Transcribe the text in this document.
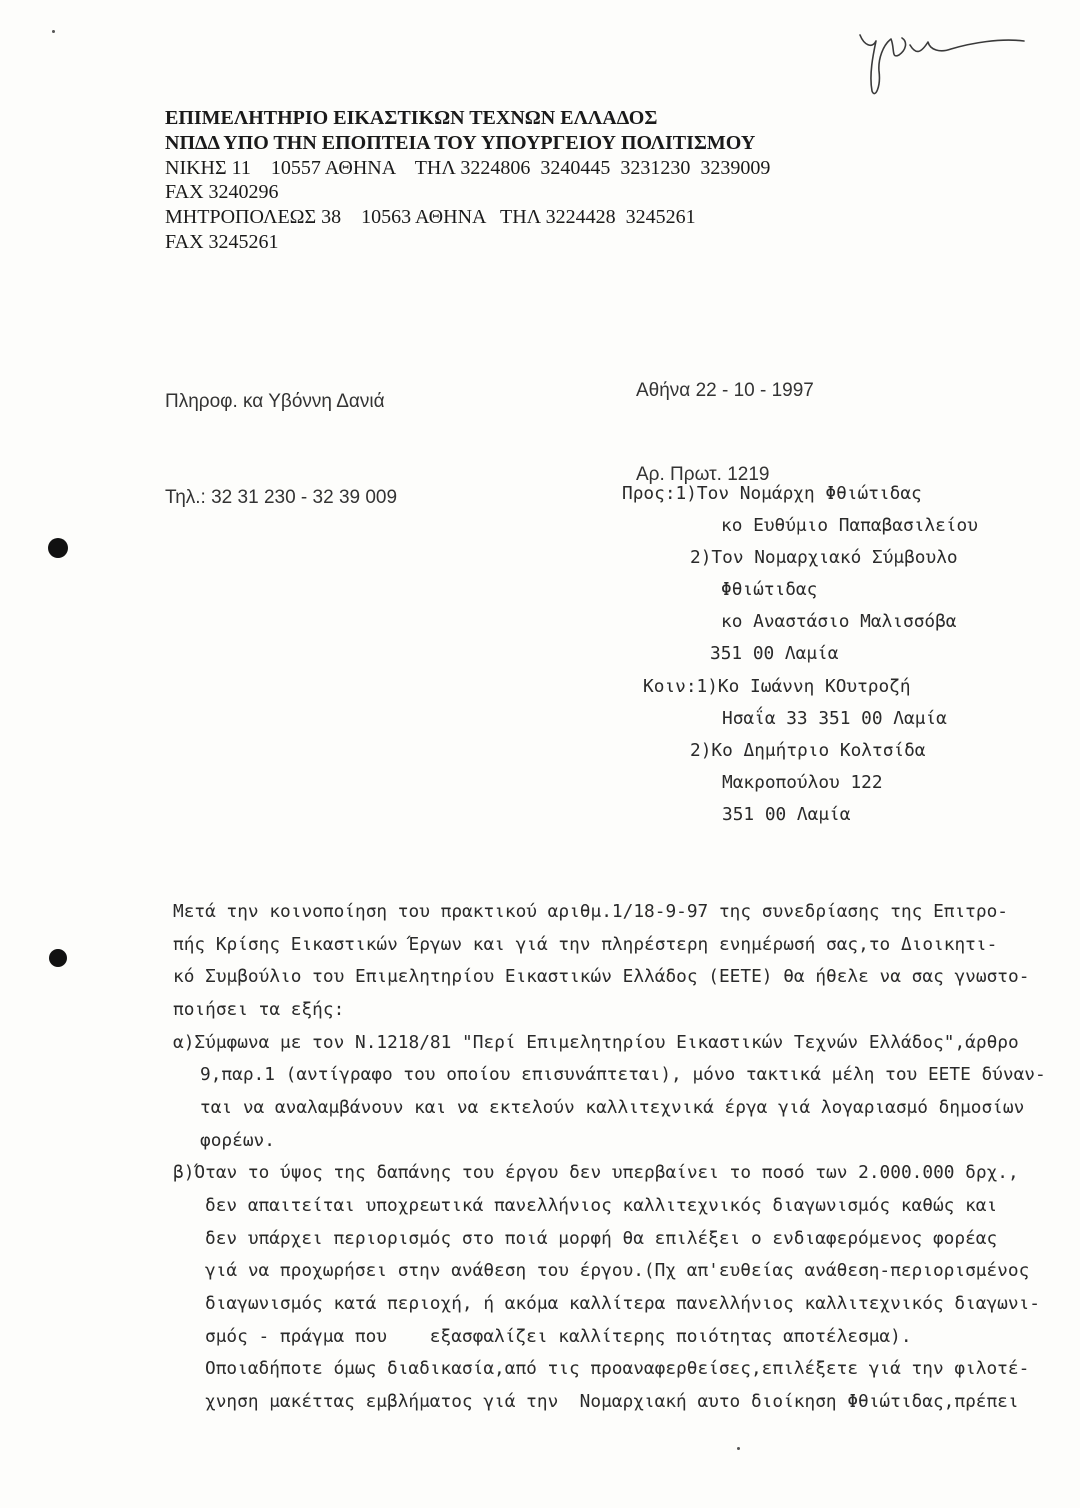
ΕΠΙΜΕΛΗΤΗΡΙΟ ΕΙΚΑΣΤΙΚΩΝ ΤΕΧΝΩΝ ΕΛΛΑΔΟΣ
ΝΠΔΔ ΥΠΟ ΤΗΝ ΕΠΟΠΤΕΙΑ ΤΟΥ ΥΠΟΥΡΓΕΙΟΥ ΠΟΛΙΤΙΣΜΟΥ
ΝΙΚΗΣ 11    10557 ΑΘΗΝΑ    ΤΗΛ 3224806  3240445  3231230  3239009
FAX 3240296
ΜΗΤΡΟΠΟΛΕΩΣ 38    10563 ΑΘΗΝΑ   ΤΗΛ 3224428  3245261
FAX 3245261

Πληροφ. κα Υβόννη Δανιά

Τηλ.: 32 31 230 - 32 39 009

Αθήνα 22 - 10 - 1997

Αρ. Πρωτ. 1219

Προς:1)Τον Νομάρχη Φθιώτιδας
κο Ευθύμιο Παπαβασιλείου
2)Τον Νομαρχιακό Σύμβουλο
Φθιώτιδας
κο Αναστάσιο Μαλισσόβα
351 00 Λαμία
Κοιν:1)Κο Ιωάννη ΚΟυτροζή
Ησαΐα 33 351 00 Λαμία
2)Κο Δημήτριο Κολτσίδα
Μακροπούλου 122
351 00 Λαμία
Μετά την κοινοποίηση του πρακτικού αριθμ.1/18-9-97 της συνεδρίασης της Επιτρο-
πής Κρίσης Εικαστικών Έργων και γιά την πληρέστερη ενημέρωσή σας,το Διοικητι-
κό Συμβούλιο του Επιμελητηρίου Εικαστικών Ελλάδος (ΕΕΤΕ) θα ήθελε να σας γνωστο-
ποιήσει τα εξής:
α)Σύμφωνα με τον Ν.1218/81 "Περί Επιμελητηρίου Εικαστικών Τεχνών Ελλάδος",άρθρο
9,παρ.1 (αντίγραφο του οποίου επισυνάπτεται), μόνο τακτικά μέλη του ΕΕΤΕ δύναν-
ται να αναλαμβάνουν και να εκτελούν καλλιτεχνικά έργα γιά λογαριασμό δημοσίων
φορέων.
β)Όταν το ύψος της δαπάνης του έργου δεν υπερβαίνει το ποσό των 2.000.000 δρχ.,
δεν απαιτείται υποχρεωτικά πανελλήνιος καλλιτεχνικός διαγωνισμός καθώς και
δεν υπάρχει περιορισμός στο ποιά μορφή θα επιλέξει ο ενδιαφερόμενος φορέας
γιά να προχωρήσει στην ανάθεση του έργου.(Πχ απ'ευθείας ανάθεση-περιορισμένος
διαγωνισμός κατά περιοχή, ή ακόμα καλλίτερα πανελλήνιος καλλιτεχνικός διαγωνι-
σμός - πράγμα που    εξασφαλίζει καλλίτερης ποιότητας αποτέλεσμα).
Οποιαδήποτε όμως διαδικασία,από τις προαναφερθείσες,επιλέξετε γιά την φιλοτέ-
χνηση μακέττας εμβλήματος γιά την  Νομαρχιακή αυτο διοίκηση Φθιώτιδας,πρέπει
